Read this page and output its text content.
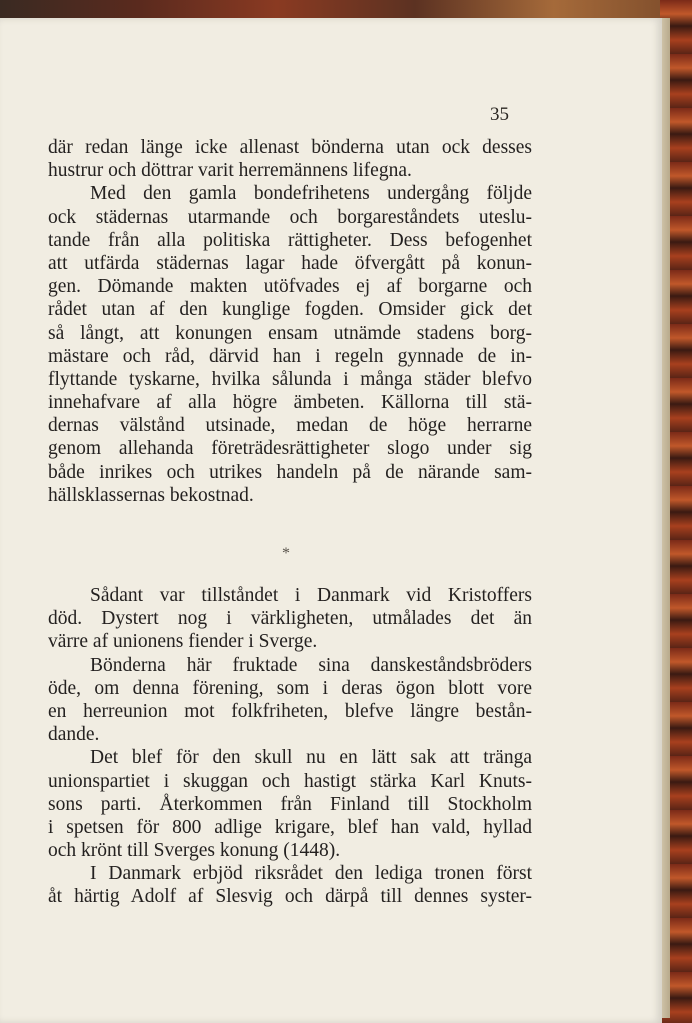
35
där redan länge icke allenast bönderna utan ock desses
hustrur och döttrar varit herremännens lifegna.
Med den gamla bondefrihetens undergång följde
ock städernas utarmande och borgareståndets uteslu-
tande från alla politiska rättigheter. Dess befogenhet
att utfärda städernas lagar hade öfvergått på konun-
gen. Dömande makten utöfvades ej af borgarne och
rådet utan af den kunglige fogden. Omsider gick det
så långt, att konungen ensam utnämde stadens borg-
mästare och råd, därvid han i regeln gynnade de in-
flyttande tyskarne, hvilka sålunda i många städer blefvo
innehafvare af alla högre ämbeten. Källorna till stä-
dernas välstånd utsinade, medan de höge herrarne
genom allehanda företrädesrättigheter slogo under sig
både inrikes och utrikes handeln på de närande sam-
hällsklassernas bekostnad.
*
Sådant var tillståndet i Danmark vid Kristoffers
död. Dystert nog i värkligheten, utmålades det än
värre af unionens fiender i Sverge.
Bönderna här fruktade sina danskeståndsbröders
öde, om denna förening, som i deras ögon blott vore
en herreunion mot folkfriheten, blefve längre bestån-
dande.
Det blef för den skull nu en lätt sak att tränga
unionspartiet i skuggan och hastigt stärka Karl Knuts-
sons parti. Återkommen från Finland till Stockholm
i spetsen för 800 adlige krigare, blef han vald, hyllad
och krönt till Sverges konung (1448).
I Danmark erbjöd riksrådet den lediga tronen först
åt härtig Adolf af Slesvig och därpå till dennes syster-
